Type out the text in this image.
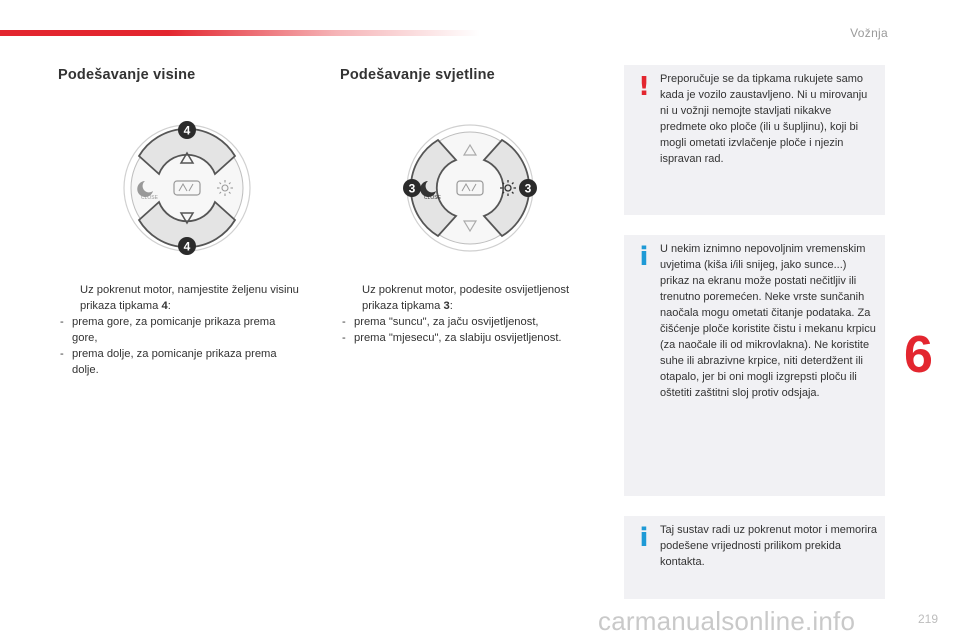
Vožnja
Podešavanje visine
CLOSE
4
4
Uz pokrenut motor, namjestite željenu visinu prikaza tipkama 4:
- prema gore, za pomicanje prikaza prema gore,
- prema dolje, za pomicanje prikaza prema dolje.
Podešavanje svjetline
CLOSE
3	3
Uz pokrenut motor, podesite osvijetljenost prikaza tipkama 3:
- prema "suncu", za jaču osvijetljenost,
- prema "mjesecu", za slabiju osvijetljenost.
! Preporučuje se da tipkama rukujete samo kada je vozilo zaustavljeno. Ni u mirovanju ni u vožnji nemojte stavljati nikakve predmete oko ploče (ili u šupljinu), koji bi mogli ometati izvlačenje ploče i njezin ispravan rad.
i	U nekim iznimno nepovoljnim vremenskim uvjetima (kiša i/ili snijeg, jako sunce...) prikaz na ekranu može postati nečitljiv ili trenutno poremećen. Neke vrste sunčanih naočala mogu ometati čitanje podataka. Za čišćenje ploče koristite čistu i mekanu krpicu (za naočale ili od mikrovlakna). Ne koristite suhe ili abrazivne krpice, niti deterdžent ili otapalo, jer bi oni mogli izgrepsti ploču ili oštetiti zaštitni sloj protiv odsjaja.
i	Taj sustav radi uz pokrenut motor i memorira podešene vrijednosti prilikom prekida kontakta.
6
carmanualsonline.info	219
